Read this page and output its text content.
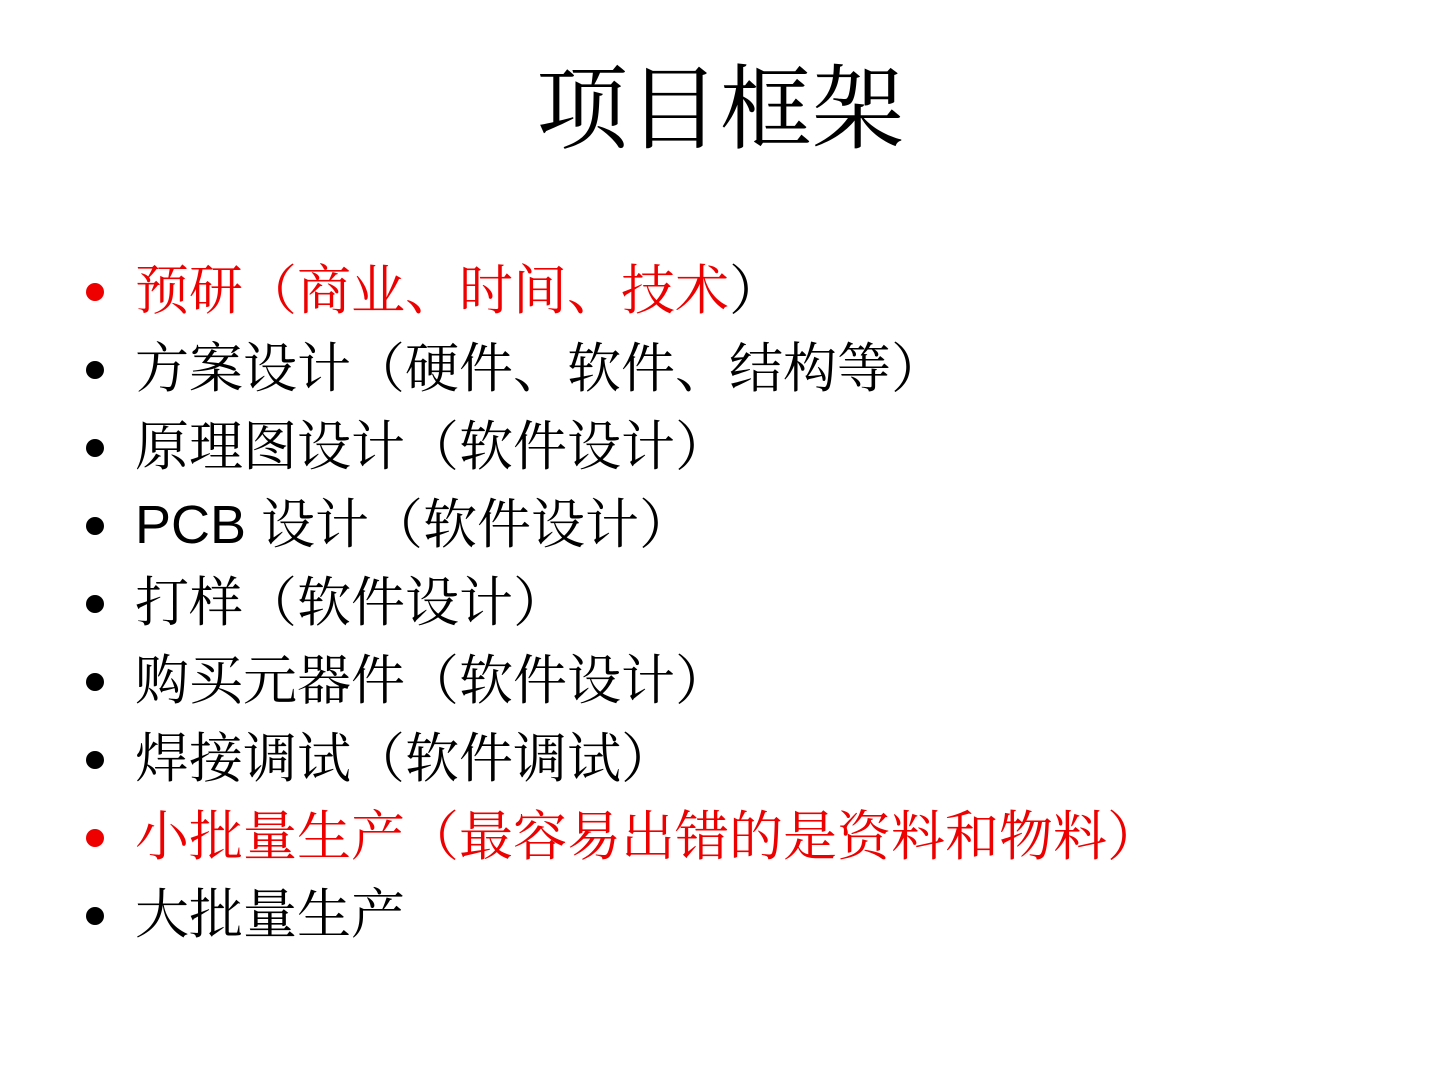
项目框架
预研（商业、时间、技术）
方案设计（硬件、软件、结构等）
原理图设计（软件设计）
PCB 设计（软件设计）
打样（软件设计）
购买元器件（软件设计）
焊接调试（软件调试）
小批量生产（最容易出错的是资料和物料）
大批量生产
